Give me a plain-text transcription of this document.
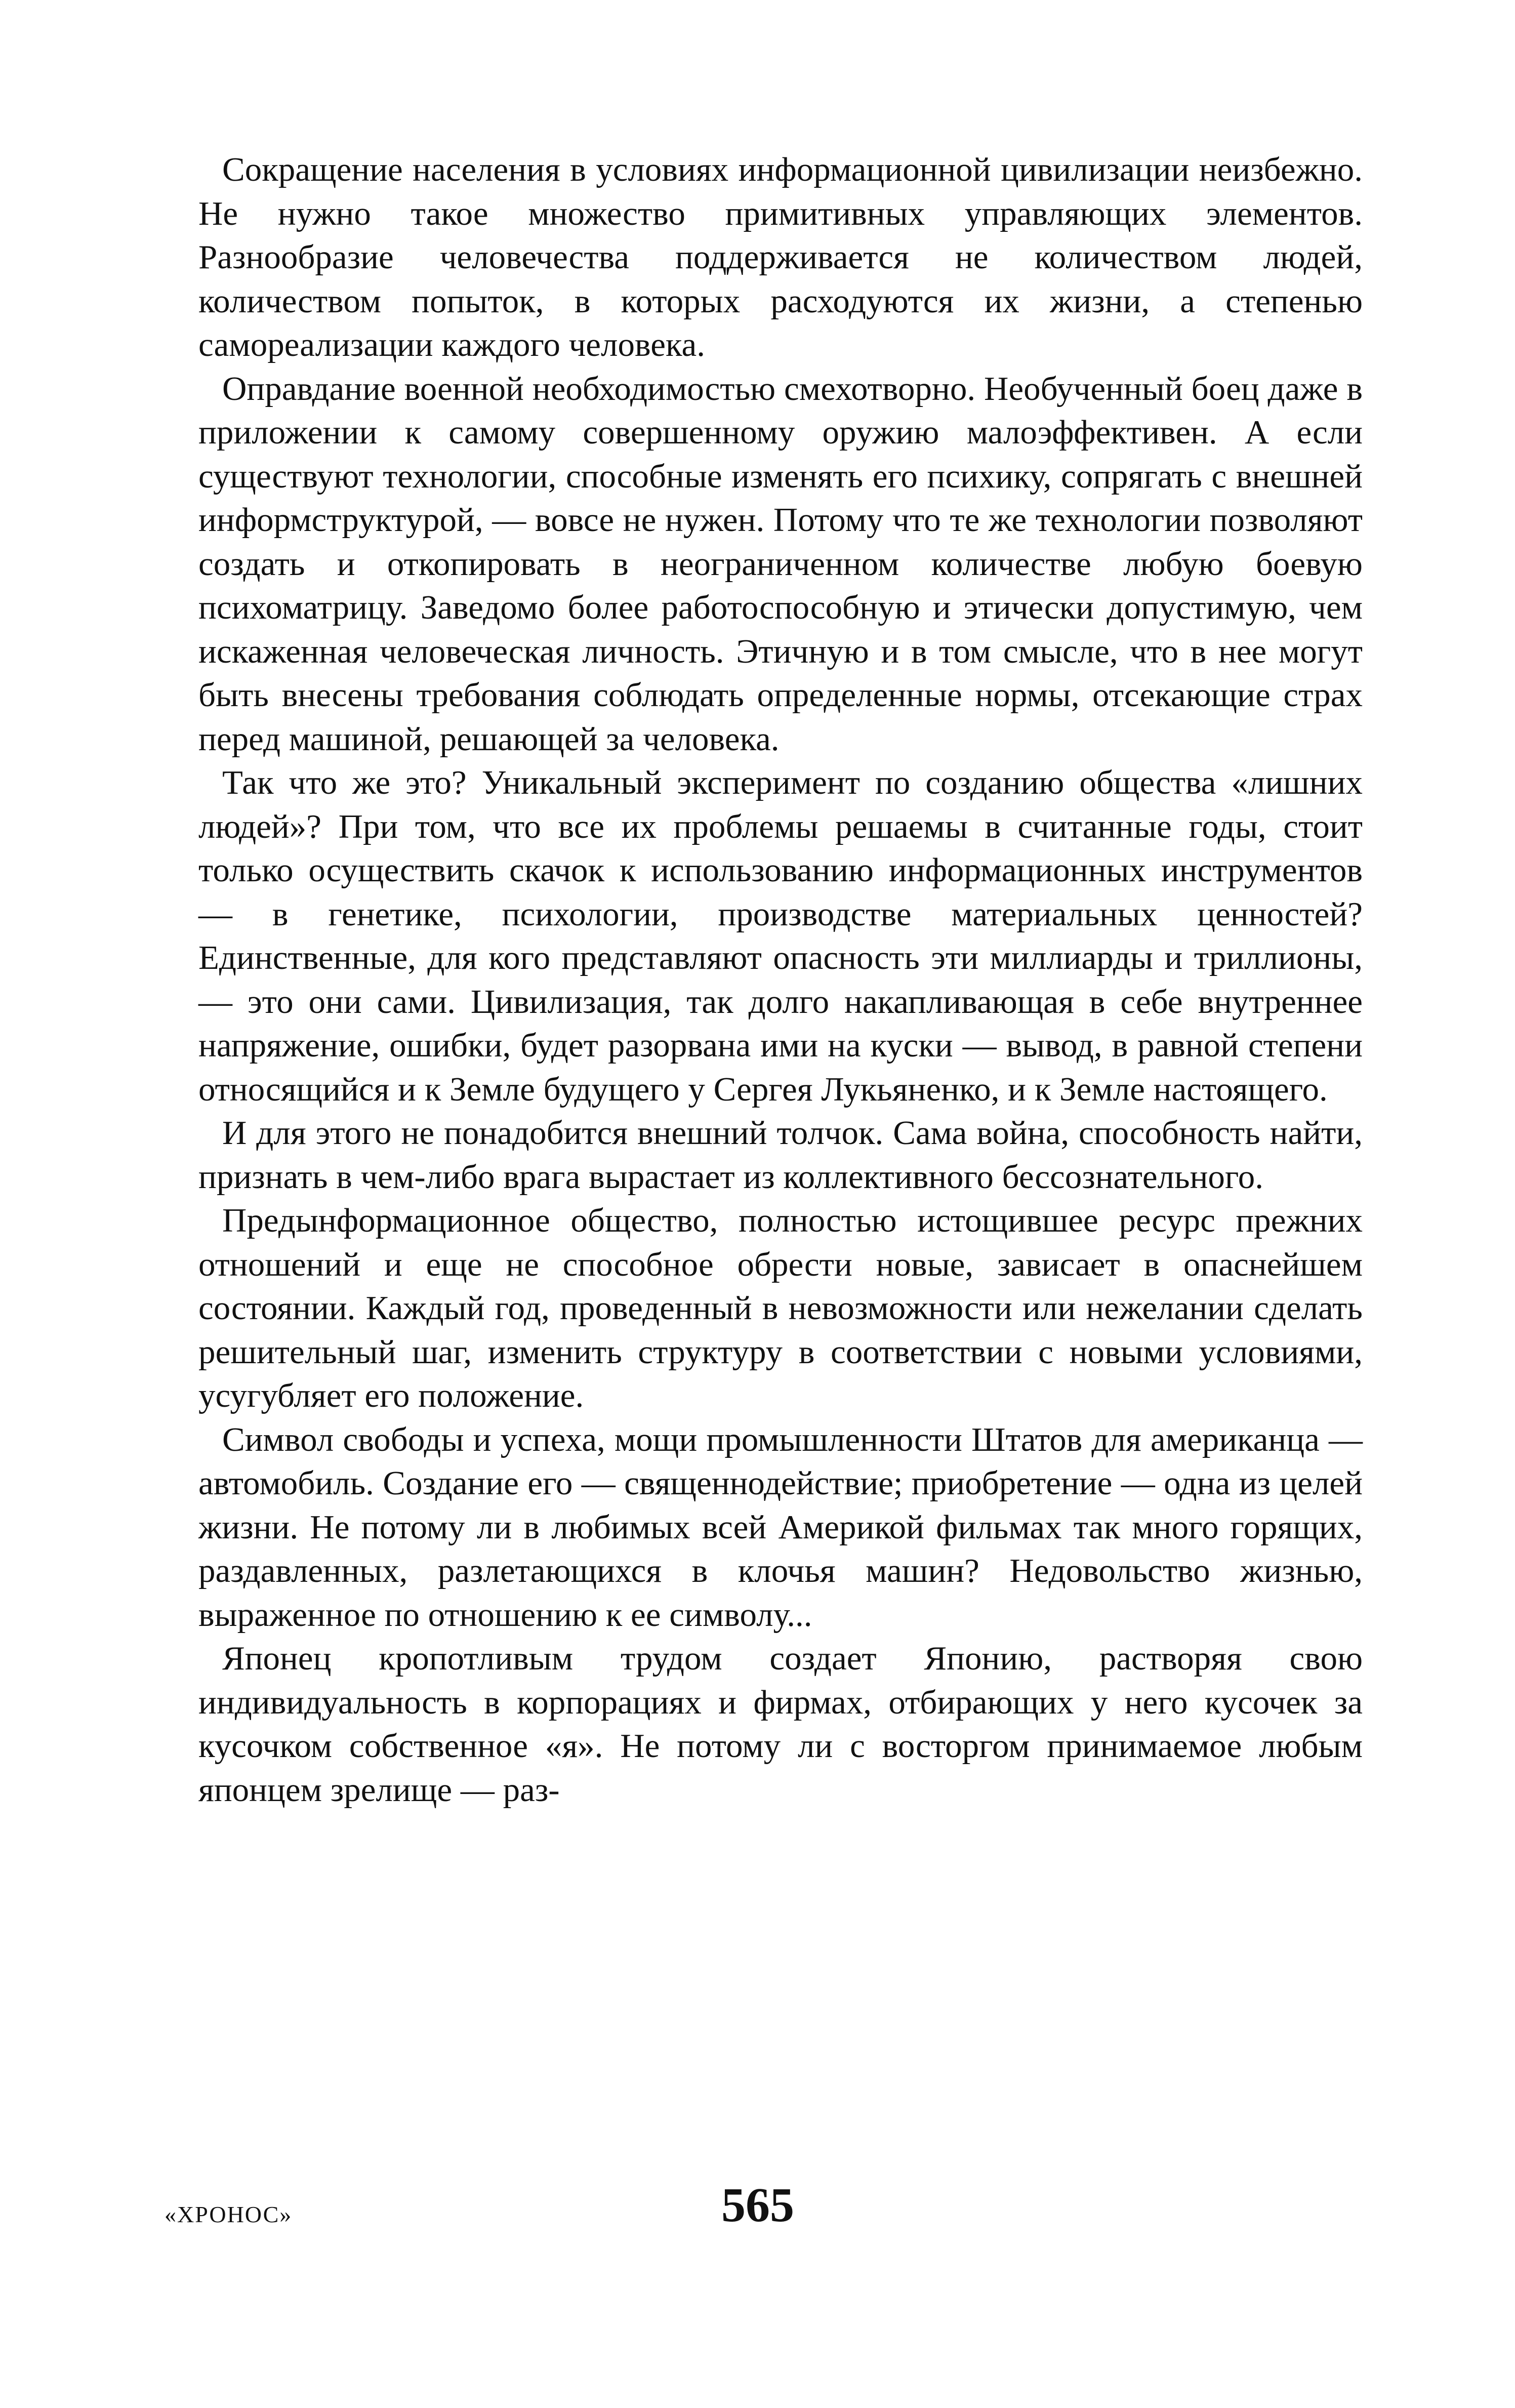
Сокращение населения в условиях информационной цивилизации неизбежно. Не нужно такое множество примитивных управляющих элементов. Разнообразие человечества поддерживается не количеством людей, количеством попыток, в которых расходуются их жизни, а степенью самореализации каждого человека.

Оправдание военной необходимостью смехотворно. Необученный боец даже в приложении к самому совершенному оружию малоэффективен. А если существуют технологии, способные изменять его психику, сопрягать с внешней информструктурой, — вовсе не нужен. Потому что те же технологии позволяют создать и откопировать в неограниченном количестве любую боевую психоматрицу. Заведомо более работоспособную и этически допустимую, чем искаженная человеческая личность. Этичную и в том смысле, что в нее могут быть внесены требования соблюдать определенные нормы, отсекающие страх перед машиной, решающей за человека.

Так что же это? Уникальный эксперимент по созданию общества «лишних людей»? При том, что все их проблемы решаемы в считанные годы, стоит только осуществить скачок к использованию информационных инструментов — в генетике, психологии, производстве материальных ценностей? Единственные, для кого представляют опасность эти миллиарды и триллионы, — это они сами. Цивилизация, так долго накапливающая в себе внутреннее напряжение, ошибки, будет разорвана ими на куски — вывод, в равной степени относящийся и к Земле будущего у Сергея Лукьяненко, и к Земле настоящего.

И для этого не понадобится внешний толчок. Сама война, способность найти, признать в чем-либо врага вырастает из коллективного бессознательного.

Предынформационное общество, полностью истощившее ресурс прежних отношений и еще не способное обрести новые, зависает в опаснейшем состоянии. Каждый год, проведенный в невозможности или нежелании сделать решительный шаг, изменить структуру в соответствии с новыми условиями, усугубляет его положение.

Символ свободы и успеха, мощи промышленности Штатов для американца — автомобиль. Создание его — священнодействие; приобретение — одна из целей жизни. Не потому ли в любимых всей Америкой фильмах так много горящих, раздавленных, разлетающихся в клочья машин? Недовольство жизнью, выраженное по отношению к ее символу...

Японец кропотливым трудом создает Японию, растворяя свою индивидуальность в корпорациях и фирмах, отбирающих у него кусочек за кусочком собственное «я». Не потому ли с восторгом принимаемое любым японцем зрелище — раз-

«ХРОНОС»	565
